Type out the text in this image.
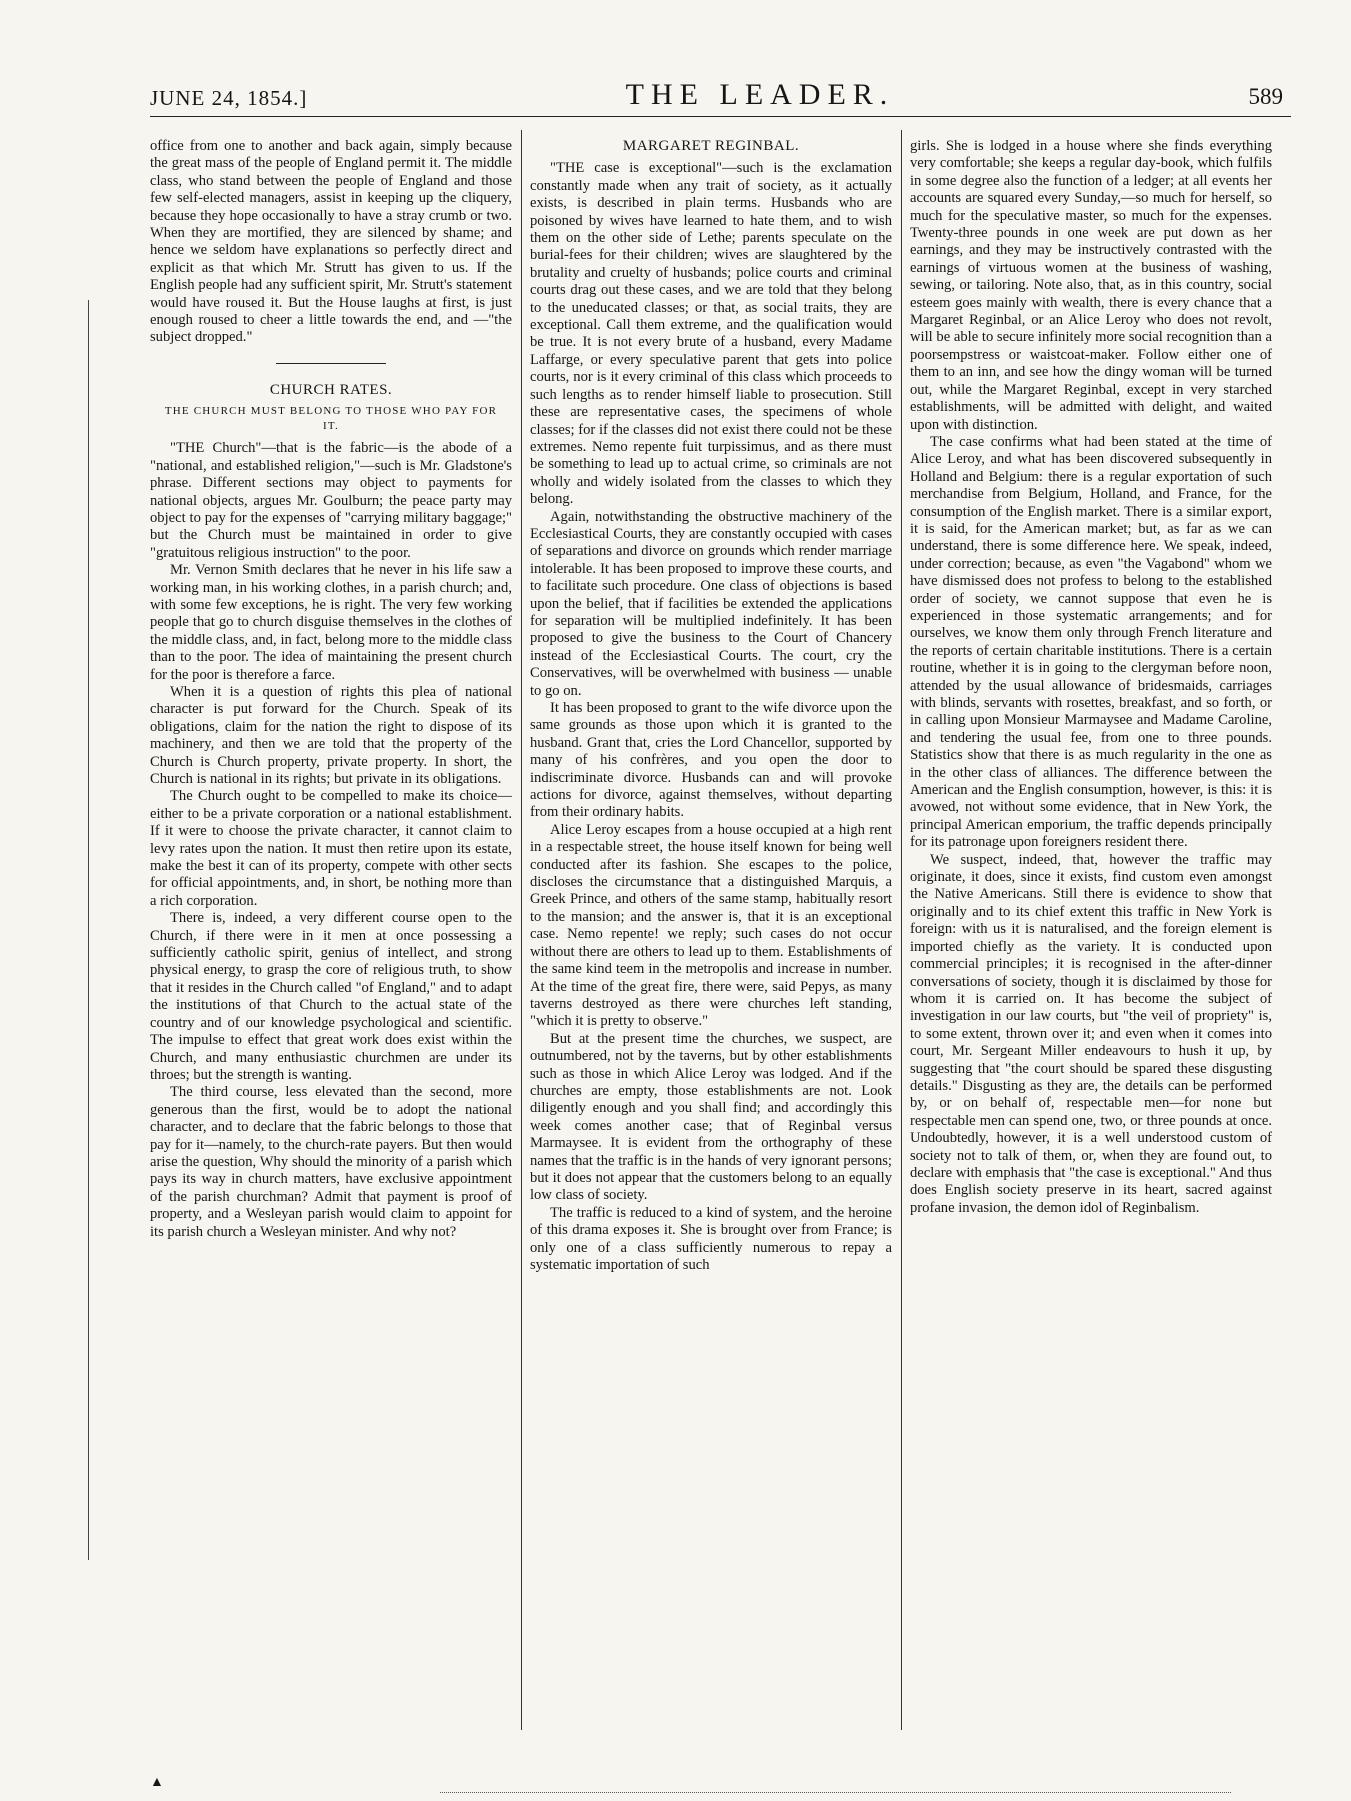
JUNE 24, 1854.]	THE LEADER.	589

office from one to another and back again, simply because the great mass of the people of England permit it. The middle class, who stand between the people of England and those few self-elected managers, assist in keeping up the cliquery, because they hope occasionally to have a stray crumb or two. When they are mortified, they are silenced by shame; and hence we seldom have explanations so perfectly direct and explicit as that which Mr. Strutt has given to us. If the English people had any sufficient spirit, Mr. Strutt's statement would have roused it. But the House laughs at first, is just enough roused to cheer a little towards the end, and —"the subject dropped."

CHURCH RATES.
THE CHURCH MUST BELONG TO THOSE WHO PAY FOR IT.

"THE Church"—that is the fabric—is the abode of a "national, and established religion,"—such is Mr. Gladstone's phrase. Different sections may object to payments for national objects, argues Mr. Goulburn; the peace party may object to pay for the expenses of "carrying military baggage;" but the Church must be maintained in order to give "gratuitous religious instruction" to the poor.

Mr. Vernon Smith declares that he never in his life saw a working man, in his working clothes, in a parish church; and, with some few exceptions, he is right. The very few working people that go to church disguise themselves in the clothes of the middle class, and, in fact, belong more to the middle class than to the poor. The idea of maintaining the present church for the poor is therefore a farce.

When it is a question of rights this plea of national character is put forward for the Church. Speak of its obligations, claim for the nation the right to dispose of its machinery, and then we are told that the property of the Church is Church property, private property. In short, the Church is national in its rights; but private in its obligations.

The Church ought to be compelled to make its choice—either to be a private corporation or a national establishment. If it were to choose the private character, it cannot claim to levy rates upon the nation. It must then retire upon its estate, make the best it can of its property, compete with other sects for official appointments, and, in short, be nothing more than a rich corporation.

There is, indeed, a very different course open to the Church, if there were in it men at once possessing a sufficiently catholic spirit, genius of intellect, and strong physical energy, to grasp the core of religious truth, to show that it resides in the Church called "of England," and to adapt the institutions of that Church to the actual state of the country and of our knowledge psychological and scientific. The impulse to effect that great work does exist within the Church, and many enthusiastic churchmen are under its throes; but the strength is wanting.

The third course, less elevated than the second, more generous than the first, would be to adopt the national character, and to declare that the fabric belongs to those that pay for it—namely, to the church-rate payers. But then would arise the question, Why should the minority of a parish which pays its way in church matters, have exclusive appointment of the parish churchman? Admit that payment is proof of property, and a Wesleyan parish would claim to appoint for its parish church a Wesleyan minister. And why not?

MARGARET REGINBAL.

"THE case is exceptional"—such is the exclamation constantly made when any trait of society, as it actually exists, is described in plain terms. Husbands who are poisoned by wives have learned to hate them, and to wish them on the other side of Lethe; parents speculate on the burial-fees for their children; wives are slaughtered by the brutality and cruelty of husbands; police courts and criminal courts drag out these cases, and we are told that they belong to the uneducated classes; or that, as social traits, they are exceptional. Call them extreme, and the qualification would be true. It is not every brute of a husband, every Madame Laffarge, or every speculative parent that gets into police courts, nor is it every criminal of this class which proceeds to such lengths as to render himself liable to prosecution. Still these are representative cases, the specimens of whole classes; for if the classes did not exist there could not be these extremes. Nemo repente fuit turpissimus, and as there must be something to lead up to actual crime, so criminals are not wholly and widely isolated from the classes to which they belong.

Again, notwithstanding the obstructive machinery of the Ecclesiastical Courts, they are constantly occupied with cases of separations and divorce on grounds which render marriage intolerable. It has been proposed to improve these courts, and to facilitate such procedure. One class of objections is based upon the belief, that if facilities be extended the applications for separation will be multiplied indefinitely. It has been proposed to give the business to the Court of Chancery instead of the Ecclesiastical Courts. The court, cry the Conservatives, will be overwhelmed with business — unable to go on.

It has been proposed to grant to the wife divorce upon the same grounds as those upon which it is granted to the husband. Grant that, cries the Lord Chancellor, supported by many of his confrères, and you open the door to indiscriminate divorce. Husbands can and will provoke actions for divorce, against themselves, without departing from their ordinary habits.

Alice Leroy escapes from a house occupied at a high rent in a respectable street, the house itself known for being well conducted after its fashion. She escapes to the police, discloses the circumstance that a distinguished Marquis, a Greek Prince, and others of the same stamp, habitually resort to the mansion; and the answer is, that it is an exceptional case. Nemo repente! we reply; such cases do not occur without there are others to lead up to them. Establishments of the same kind teem in the metropolis and increase in number. At the time of the great fire, there were, said Pepys, as many taverns destroyed as there were churches left standing, "which it is pretty to observe."

But at the present time the churches, we suspect, are outnumbered, not by the taverns, but by other establishments such as those in which Alice Leroy was lodged. And if the churches are empty, those establishments are not. Look diligently enough and you shall find; and accordingly this week comes another case; that of Reginbal versus Marmaysee. It is evident from the orthography of these names that the traffic is in the hands of very ignorant persons; but it does not appear that the customers belong to an equally low class of society.

The traffic is reduced to a kind of system, and the heroine of this drama exposes it. She is brought over from France; is only one of a class sufficiently numerous to repay a systematic importation of such

girls. She is lodged in a house where she finds everything very comfortable; she keeps a regular day-book, which fulfils in some degree also the function of a ledger; at all events her accounts are squared every Sunday,—so much for herself, so much for the speculative master, so much for the expenses. Twenty-three pounds in one week are put down as her earnings, and they may be instructively contrasted with the earnings of virtuous women at the business of washing, sewing, or tailoring. Note also, that, as in this country, social esteem goes mainly with wealth, there is every chance that a Margaret Reginbal, or an Alice Leroy who does not revolt, will be able to secure infinitely more social recognition than a poorsempstress or waistcoat-maker. Follow either one of them to an inn, and see how the dingy woman will be turned out, while the Margaret Reginbal, except in very starched establishments, will be admitted with delight, and waited upon with distinction.

The case confirms what had been stated at the time of Alice Leroy, and what has been discovered subsequently in Holland and Belgium: there is a regular exportation of such merchandise from Belgium, Holland, and France, for the consumption of the English market. There is a similar export, it is said, for the American market; but, as far as we can understand, there is some difference here. We speak, indeed, under correction; because, as even "the Vagabond" whom we have dismissed does not profess to belong to the established order of society, we cannot suppose that even he is experienced in those systematic arrangements; and for ourselves, we know them only through French literature and the reports of certain charitable institutions. There is a certain routine, whether it is in going to the clergyman before noon, attended by the usual allowance of bridesmaids, carriages with blinds, servants with rosettes, breakfast, and so forth, or in calling upon Monsieur Marmaysee and Madame Caroline, and tendering the usual fee, from one to three pounds. Statistics show that there is as much regularity in the one as in the other class of alliances. The difference between the American and the English consumption, however, is this: it is avowed, not without some evidence, that in New York, the principal American emporium, the traffic depends principally for its patronage upon foreigners resident there.

We suspect, indeed, that, however the traffic may originate, it does, since it exists, find custom even amongst the Native Americans. Still there is evidence to show that originally and to its chief extent this traffic in New York is foreign: with us it is naturalised, and the foreign element is imported chiefly as the variety. It is conducted upon commercial principles; it is recognised in the after-dinner conversations of society, though it is disclaimed by those for whom it is carried on. It has become the subject of investigation in our law courts, but "the veil of propriety" is, to some extent, thrown over it; and even when it comes into court, Mr. Sergeant Miller endeavours to hush it up, by suggesting that "the court should be spared these disgusting details." Disgusting as they are, the details can be performed by, or on behalf of, respectable men—for none but respectable men can spend one, two, or three pounds at once. Undoubtedly, however, it is a well understood custom of society not to talk of them, or, when they are found out, to declare with emphasis that "the case is exceptional." And thus does English society preserve in its heart, sacred against profane invasion, the demon idol of Reginbalism.

▲
